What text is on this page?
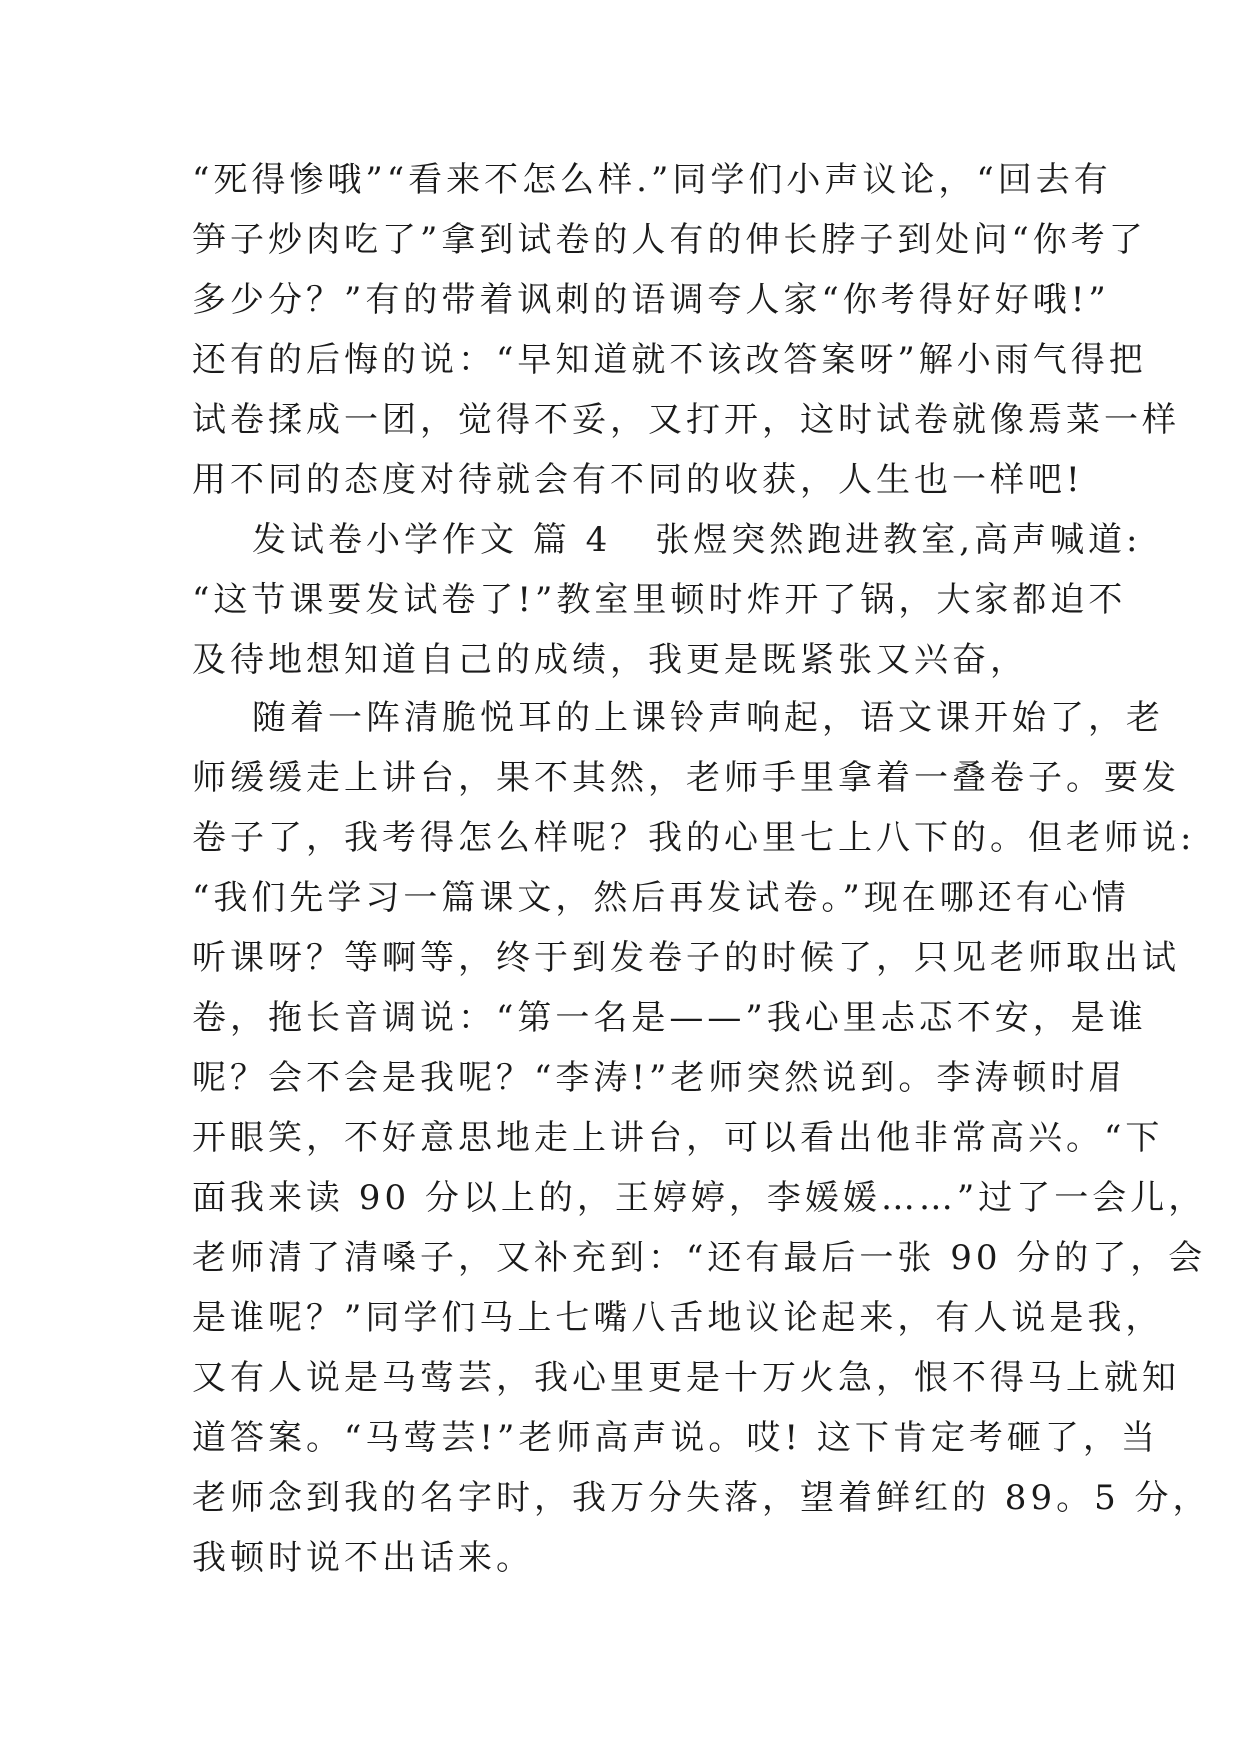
“死得惨哦”“看来不怎么样.”同学们小声议论，“回去有
笋子炒肉吃了”拿到试卷的人有的伸长脖子到处问“你考了
多少分？”有的带着讽刺的语调夸人家“你考得好好哦!”
还有的后悔的说：“早知道就不该改答案呀”解小雨气得把
试卷揉成一团，觉得不妥，又打开，这时试卷就像焉菜一样
用不同的态度对待就会有不同的收获，人生也一样吧!
发试卷小学作文 篇 4 张煜突然跑进教室,高声喊道:
“这节课要发试卷了!”教室里顿时炸开了锅，大家都迫不
及待地想知道自己的成绩，我更是既紧张又兴奋，
随着一阵清脆悦耳的上课铃声响起，语文课开始了，老
师缓缓走上讲台，果不其然，老师手里拿着一叠卷子。要发
卷子了，我考得怎么样呢？我的心里七上八下的。但老师说:
“我们先学习一篇课文，然后再发试卷。”现在哪还有心情
听课呀？等啊等，终于到发卷子的时候了，只见老师取出试
卷，拖长音调说：“第一名是——”我心里忐忑不安，是谁
呢？会不会是我呢？“李涛!”老师突然说到。李涛顿时眉
开眼笑，不好意思地走上讲台，可以看出他非常高兴。“下
面我来读 90 分以上的，王婷婷，李媛媛……”过了一会儿，
老师清了清嗓子，又补充到：“还有最后一张 90 分的了，会
是谁呢？”同学们马上七嘴八舌地议论起来，有人说是我，
又有人说是马莺芸，我心里更是十万火急，恨不得马上就知
道答案。“马莺芸!”老师高声说。哎! 这下肯定考砸了，当
老师念到我的名字时，我万分失落，望着鲜红的 89。5 分，
我顿时说不出话来。
